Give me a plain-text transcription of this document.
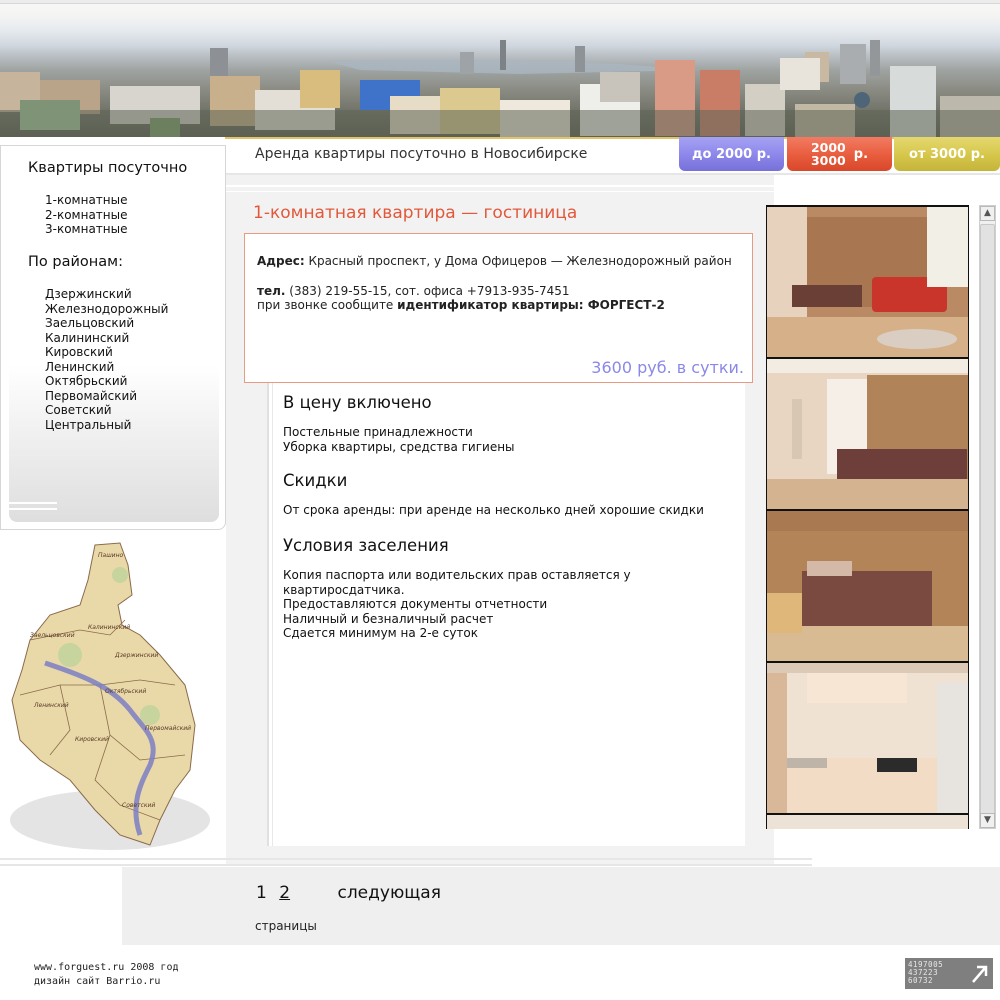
Аренда квартиры посуточно в Новосибирске	до 2000 р.	2000
3000 р.	от 3000 р.
Квартиры посуточно
1-комнатные
2-комнатные
3-комнатные
По районам:
Дзержинский
Железнодорожный
Заельцовский
Калининский
Кировский
Ленинский
Октябрьский
Первомайский
Советский
Центральный
Пашино
Заельцовский
Калининский
Дзержинский
Октябрьский
Ленинский
Кировский
Первомайский
Советский
1-комнатная квартира — гостиница
Адрес: Красный проспект, у Дома Офицеров — Железнодорожный район
тел. (383) 219-55-15, сот. офиса +7913-935-7451
при звонке сообщите идентификатор квартиры: ФОРГЕСТ-2
3600 руб. в сутки.
В цену включено

Постельные принадлежности
Уборка квартиры, средства гигиены

Скидки

От срока аренды: при аренде на несколько дней хорошие скидки

Условия заселения

Копия паспорта или водительских прав оставляется у
квартиросдатчика.
Предоставляются документы отчетности
Наличный и безналичный расчет
Сдается минимум на 2-е суток

▲
▼
1 2	следующая
страницы
www.forguest.ru 2008 год
дизайн сайт Barrio.ru
4197005
437223
60732
